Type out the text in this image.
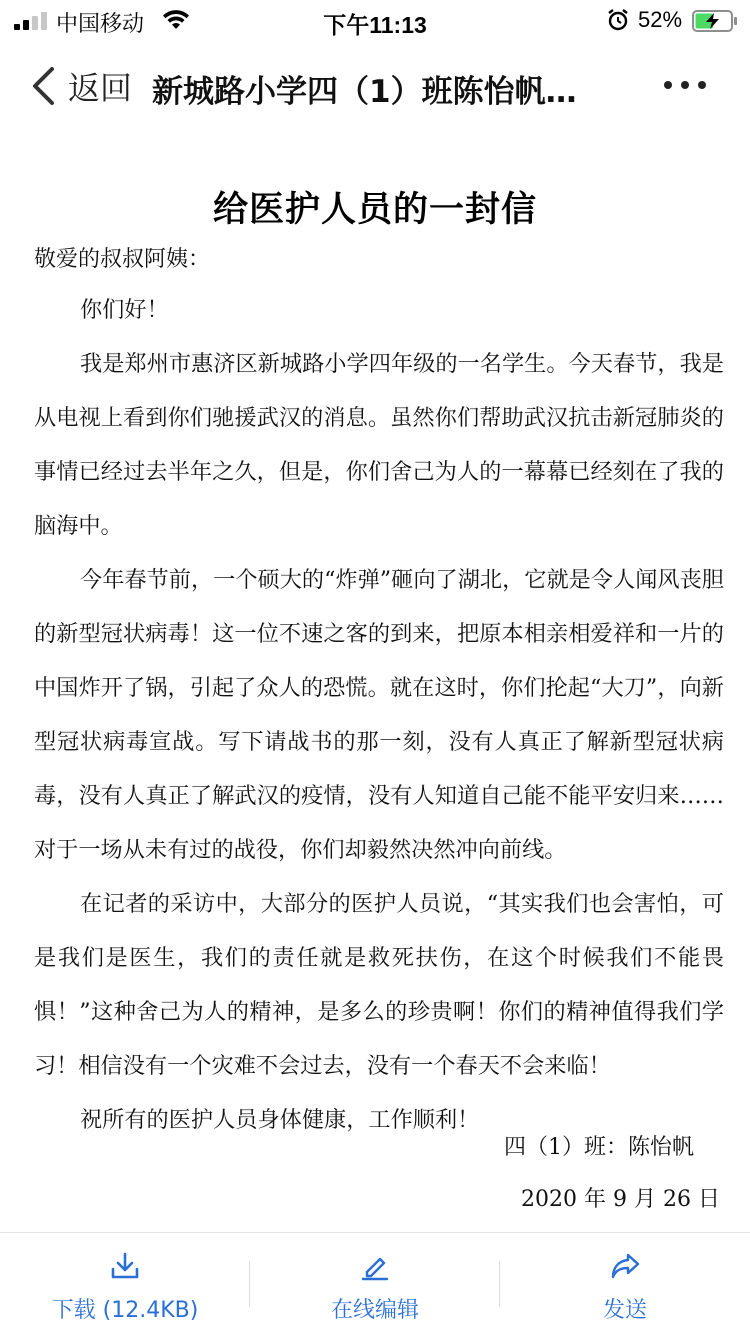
中国移动	下午11:13	52%
返回 新城路小学四（1）班陈怡帆…
给医护人员的一封信
敬爱的叔叔阿姨：
你们好！
我是郑州市惠济区新城路小学四年级的一名学生。今天春节，我是从电视上看到你们驰援武汉的消息。虽然你们帮助武汉抗击新冠肺炎的事情已经过去半年之久，但是，你们舍己为人的一幕幕已经刻在了我的脑海中。
今年春节前，一个硕大的“炸弹”砸向了湖北，它就是令人闻风丧胆的新型冠状病毒！这一位不速之客的到来，把原本相亲相爱祥和一片的中国炸开了锅，引起了众人的恐慌。就在这时，你们抡起“大刀”，向新型冠状病毒宣战。写下请战书的那一刻，没有人真正了解新型冠状病毒，没有人真正了解武汉的疫情，没有人知道自己能不能平安归来……对于一场从未有过的战役，你们却毅然决然冲向前线。
在记者的采访中，大部分的医护人员说，“其实我们也会害怕，可是我们是医生，我们的责任就是救死扶伤，在这个时候我们不能畏惧！”这种舍己为人的精神，是多么的珍贵啊！你们的精神值得我们学习！相信没有一个灾难不会过去，没有一个春天不会来临！
祝所有的医护人员身体健康，工作顺利！
四（1）班：陈怡帆
2020 年 9 月 26 日
下载 (12.4KB)	在线编辑	发送
